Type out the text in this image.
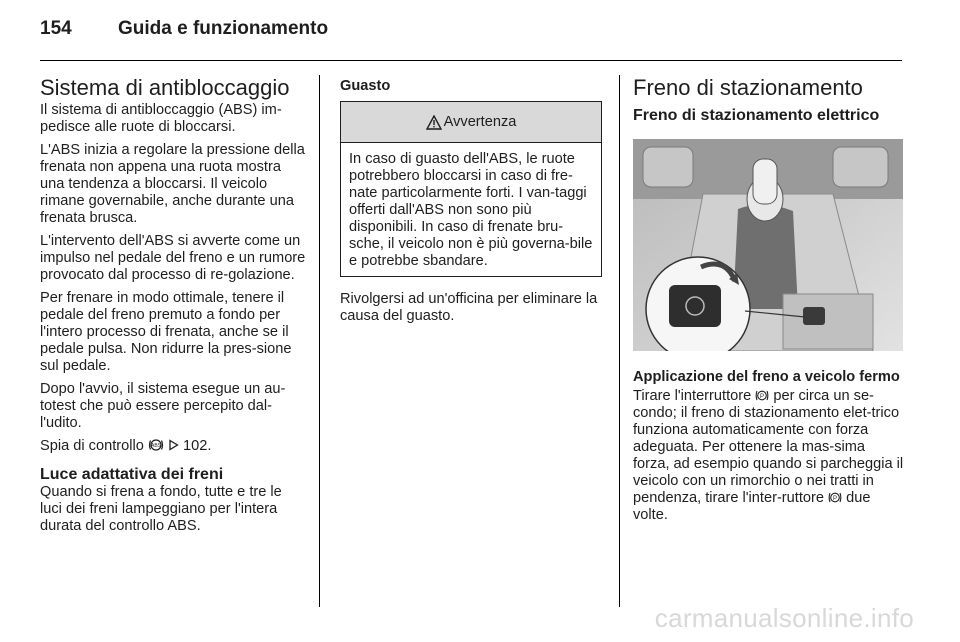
154 Guida e funzionamento
Sistema di antibloccaggio

Il sistema di antibloccaggio (ABS) im-pedisce alle ruote di bloccarsi.

L'ABS inizia a regolare la pressione della frenata non appena una ruota mostra una tendenza a bloccarsi. Il veicolo rimane governabile, anche durante una frenata brusca.

L'intervento dell'ABS si avverte come un impulso nel pedale del freno e un rumore provocato dal processo di re-golazione.

Per frenare in modo ottimale, tenere il pedale del freno premuto a fondo per l'intero processo di frenata, anche se il pedale pulsa. Non ridurre la pres-sione sul pedale.

Dopo l'avvio, il sistema esegue un au-totest che può essere percepito dal-l'udito.

Spia di controllo ABS 102.

Luce adattativa dei freni

Quando si frena a fondo, tutte e tre le luci dei freni lampeggiano per l'intera durata del controllo ABS.

Guasto
Avvertenza
In caso di guasto dell'ABS, le ruote potrebbero bloccarsi in caso di fre-nate particolarmente forti. I van-taggi offerti dall'ABS non sono più disponibili. In caso di frenate bru-sche, il veicolo non è più governa-bile e potrebbe sbandare.

Rivolgersi ad un'officina per eliminare la causa del guasto.

Freno di stazionamento
Freno di stazionamento elettrico
Applicazione del freno a veicolo fermo

Tirare l'interruttore P per circa un se-condo; il freno di stazionamento elet-trico funziona automaticamente con forza adeguata. Per ottenere la mas-sima forza, ad esempio quando si parcheggia il veicolo con un rimorchio o nei tratti in pendenza, tirare l'inter-ruttore P due volte.

carmanualsonline.info
